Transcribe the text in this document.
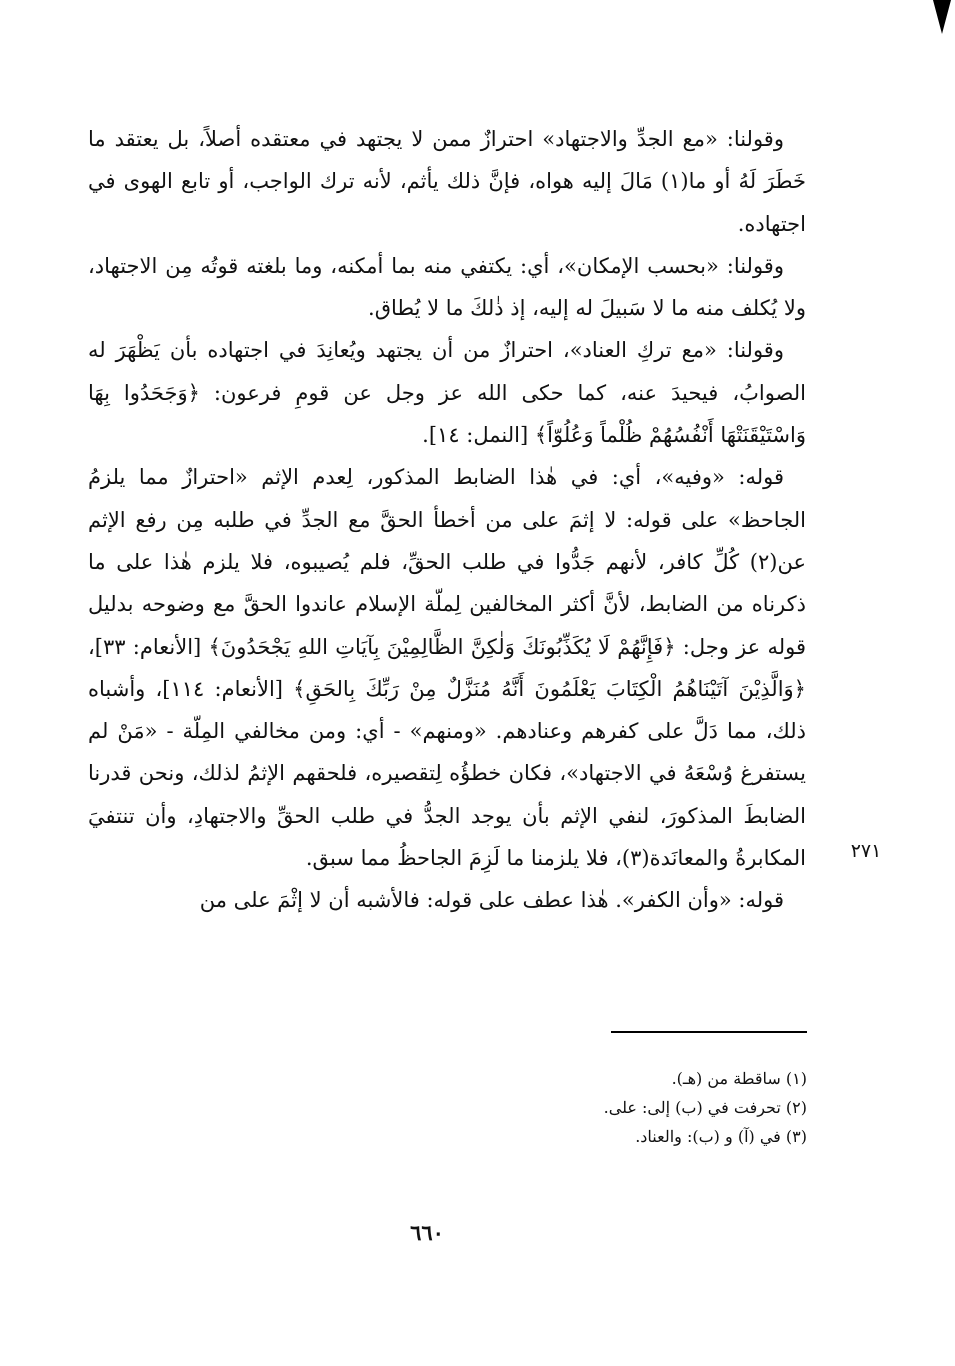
وقولنا: «مع الجدِّ والاجتهاد» احترازٌ ممن لا يجتهد في معتقده أصلاً، بل يعتقد ما خَطَرَ لَهُ أو ما(١) مَالَ إليه هواه، فإنَّ ذلك يأثم، لأنه ترك الواجب، أو تابع الهوى في اجتهاده.

وقولنا: «بحسب الإمكان»، أي: يكتفي منه بما أمكنه، وما بلغته قوتُه مِن الاجتهاد، ولا يُكلف منه ما لا سَبيلَ له إليه، إذ ذٰلكَ ما لا يُطاق.

وقولنا: «مع تركِ العناد»، احترازٌ من أن يجتهد ويُعانِدَ في اجتهاده بأن يَظْهَرَ له الصوابُ، فيحيدَ عنه، كما حكى الله عز وجل عن قومِ فرعون: ﴿وَجَحَدُوا بِهَا وَاسْتَيْقَنَتْهَا أَنْفُسُهُمْ ظُلْماً وَعُلُوّاً﴾ [النمل: ١٤].

قوله: «وفيه»، أي: في هٰذا الضابط المذكور، لِعدم الإثم «احترازٌ مما يلزمُ الجاحظ» على قوله: لا إثمَ على من أخطأ الحقَّ مع الجدِّ في طلبه مِن رفع الإثم عن(٢) كُلِّ كافر، لأنهم جَدُّوا في طلب الحقِّ، فلم يُصيبوه، فلا يلزم هٰذا على ما ذكرناه من الضابط، لأنَّ أكثر المخالفين لِملّة الإسلام عاندوا الحقَّ مع وضوحه بدليل قوله عز وجل: ﴿فَإِنَّهُمْ لَا يُكَذِّبُونَكَ وَلٰكِنَّ الظَّالِمِيْنَ بِآيَاتِ اللهِ يَجْحَدُونَ﴾ [الأنعام: ٣٣]، ﴿وَالَّذِيْنَ آتَيْنَاهُمُ الْكِتَابَ يَعْلَمُونَ أَنَّهُ مُنَزَّلٌ مِنْ رَبِّكَ بِالحَقِ﴾ [الأنعام: ١١٤]، وأشباه ذلك، مما دَلَّ على كفرهم وعنادهم. «ومنهم» - أي: ومن مخالفي المِلّة - «مَنْ لم يستفرغ وُسْعَهُ في الاجتهاد»، فكان خطؤُه لِتقصيره، فلحقهم الإثمُ لذلك، ونحن قدرنا الضابطَ المذكورَ، لنفي الإثم بأن يوجد الجدُّ في طلب الحقِّ والاجتهادِ، وأن تنتفيَ المكابرةُ والمعانَدة(٣)، فلا يلزمنا ما لَزِمَ الجاحظُ مما سبق.

قوله: «وأن الكفر». هٰذا عطف على قوله: فالأشبه أن لا إثْمَ على من

٢٧١

(١) ساقطة من (هـ).

(٢) تحرفت في (ب) إلى: على.

(٣) في (آ) و (ب): والعناد.

٦٦٠
